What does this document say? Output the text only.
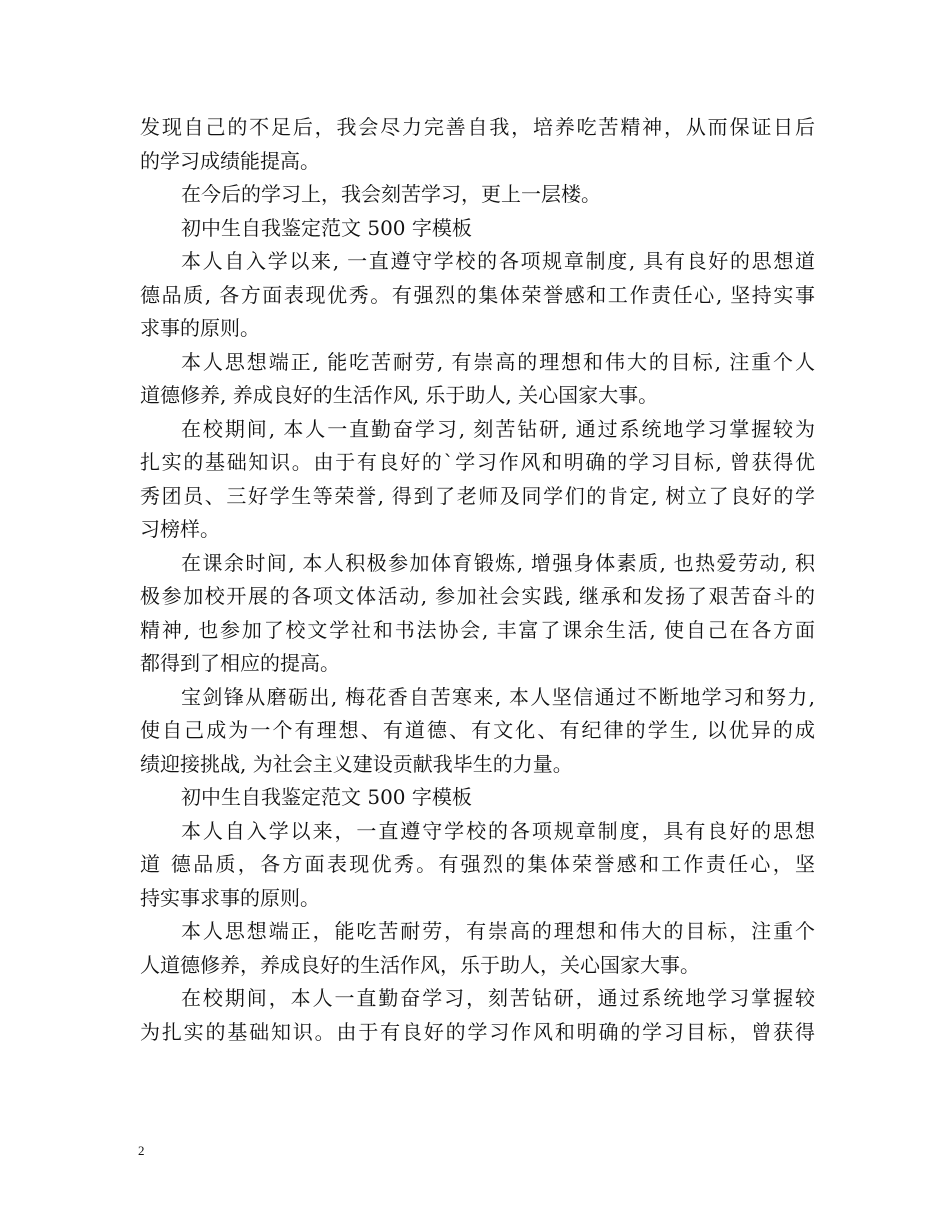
发现自己的不足后，我会尽力完善自我，培养吃苦精神，从而保证日后
的学习成绩能提高。
在今后的学习上，我会刻苦学习，更上一层楼。
初中生自我鉴定范文 500 字模板
本人自入学以来, 一直遵守学校的各项规章制度, 具有良好的思想道
德品质, 各方面表现优秀。有强烈的集体荣誉感和工作责任心, 坚持实事
求事的原则。
本人思想端正, 能吃苦耐劳, 有崇高的理想和伟大的目标, 注重个人
道德修养, 养成良好的生活作风, 乐于助人, 关心国家大事。
在校期间, 本人一直勤奋学习, 刻苦钻研, 通过系统地学习掌握较为
扎实的基础知识。由于有良好的`学习作风和明确的学习目标, 曾获得优
秀团员、三好学生等荣誉, 得到了老师及同学们的肯定, 树立了良好的学
习榜样。
在课余时间, 本人积极参加体育锻炼, 增强身体素质, 也热爱劳动, 积
极参加校开展的各项文体活动, 参加社会实践, 继承和发扬了艰苦奋斗的
精神, 也参加了校文学社和书法协会, 丰富了课余生活, 使自己在各方面
都得到了相应的提高。
宝剑锋从磨砺出, 梅花香自苦寒来, 本人坚信通过不断地学习和努力,
使自己成为一个有理想、有道德、有文化、有纪律的学生, 以优异的成
绩迎接挑战, 为社会主义建设贡献我毕生的力量。
初中生自我鉴定范文 500 字模板
本人自入学以来，一直遵守学校的各项规章制度，具有良好的思想
道 德品质，各方面表现优秀。有强烈的集体荣誉感和工作责任心，坚
持实事求事的原则。
本人思想端正，能吃苦耐劳，有崇高的理想和伟大的目标，注重个
人道德修养，养成良好的生活作风，乐于助人，关心国家大事。
在校期间，本人一直勤奋学习，刻苦钻研，通过系统地学习掌握较
为扎实的基础知识。由于有良好的学习作风和明确的学习目标，曾获得
2
